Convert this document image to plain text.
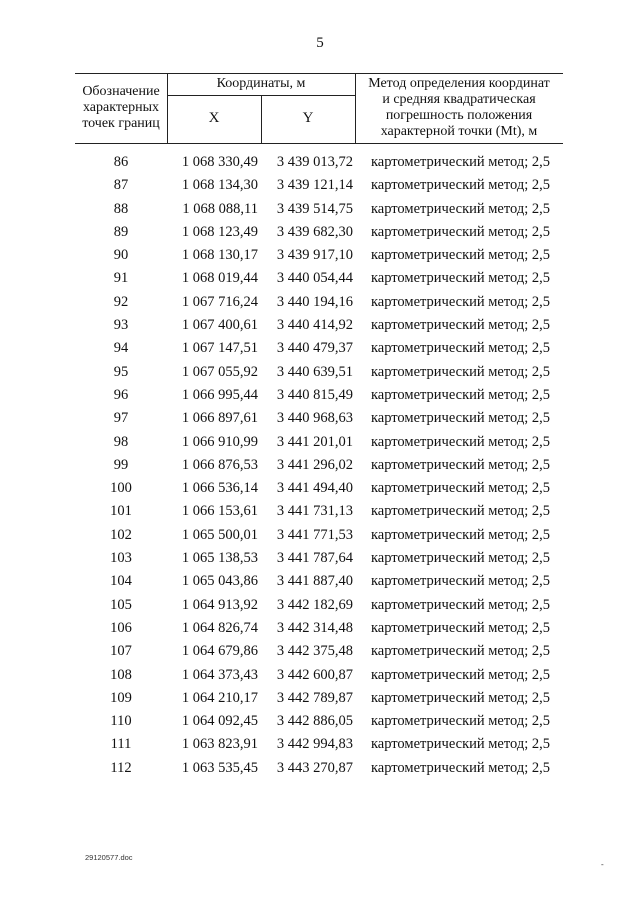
5
Обозначение
характерных
точек границ
Координаты, м
X	Y
Метод определения координат
и средняя квадратическая
погрешность положения
характерной точки (Mt), м
86	1 068 330,49	3 439 013,72	картометрический метод; 2,5
87	1 068 134,30	3 439 121,14	картометрический метод; 2,5
88	1 068 088,11	3 439 514,75	картометрический метод; 2,5
89	1 068 123,49	3 439 682,30	картометрический метод; 2,5
90	1 068 130,17	3 439 917,10	картометрический метод; 2,5
91	1 068 019,44	3 440 054,44	картометрический метод; 2,5
92	1 067 716,24	3 440 194,16	картометрический метод; 2,5
93	1 067 400,61	3 440 414,92	картометрический метод; 2,5
94	1 067 147,51	3 440 479,37	картометрический метод; 2,5
95	1 067 055,92	3 440 639,51	картометрический метод; 2,5
96	1 066 995,44	3 440 815,49	картометрический метод; 2,5
97	1 066 897,61	3 440 968,63	картометрический метод; 2,5
98	1 066 910,99	3 441 201,01	картометрический метод; 2,5
99	1 066 876,53	3 441 296,02	картометрический метод; 2,5
100	1 066 536,14	3 441 494,40	картометрический метод; 2,5
101	1 066 153,61	3 441 731,13	картометрический метод; 2,5
102	1 065 500,01	3 441 771,53	картометрический метод; 2,5
103	1 065 138,53	3 441 787,64	картометрический метод; 2,5
104	1 065 043,86	3 441 887,40	картометрический метод; 2,5
105	1 064 913,92	3 442 182,69	картометрический метод; 2,5
106	1 064 826,74	3 442 314,48	картометрический метод; 2,5
107	1 064 679,86	3 442 375,48	картометрический метод; 2,5
108	1 064 373,43	3 442 600,87	картометрический метод; 2,5
109	1 064 210,17	3 442 789,87	картометрический метод; 2,5
110	1 064 092,45	3 442 886,05	картометрический метод; 2,5
111	1 063 823,91	3 442 994,83	картометрический метод; 2,5
112	1 063 535,45	3 443 270,87	картометрический метод; 2,5
29120577.doc
-
